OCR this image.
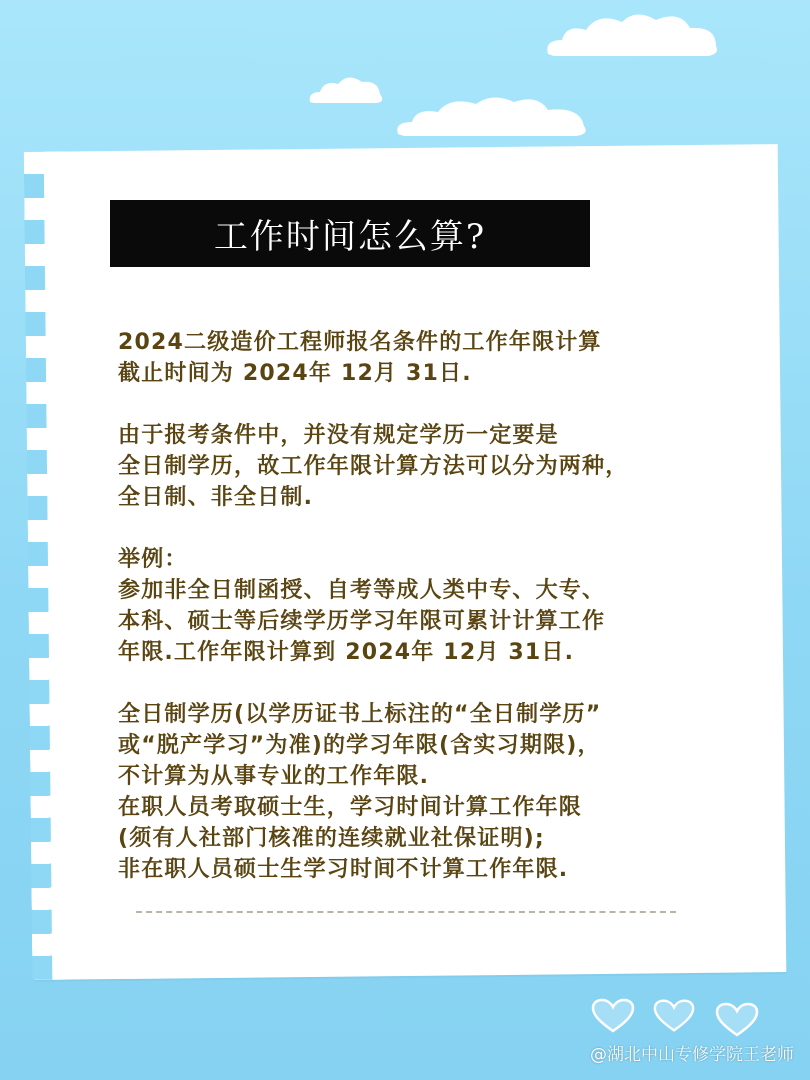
工作时间怎么算?
2024二级造价工程师报名条件的工作年限计算
截止时间为 2024年 12月 31日.
由于报考条件中，并没有规定学历一定要是
全日制学历，故工作年限计算方法可以分为两种，
全日制、非全日制.
举例：
参加非全日制函授、自考等成人类中专、大专、
本科、硕士等后续学历学习年限可累计计算工作
年限.工作年限计算到 2024年 12月 31日.
全日制学历(以学历证书上标注的“全日制学历”
或“脱产学习”为准)的学习年限(含实习期限)，
不计算为从事专业的工作年限.
在职人员考取硕士生，学习时间计算工作年限
(须有人社部门核准的连续就业社保证明);
非在职人员硕士生学习时间不计算工作年限.
@湖北中山专修学院王老师
